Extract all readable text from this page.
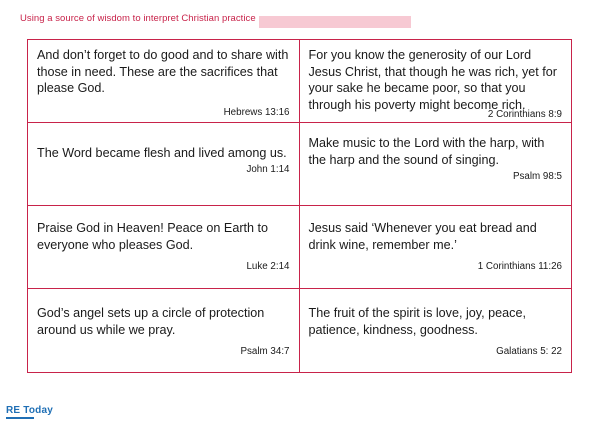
Using a source of wisdom to interpret Christian practice
And don’t forget to do good and to share with those in need. These are the sacrifices that please God.
Hebrews 13:16
For you know the generosity of our Lord Jesus Christ, that though he was rich, yet for your sake he became poor, so that you through his poverty might become rich.
2 Corinthians 8:9
The Word became flesh and lived among us.
John 1:14
Make music to the Lord with the harp, with the harp and the sound of singing.
Psalm 98:5
Praise God in Heaven! Peace on Earth to everyone who pleases God.
Luke 2:14
Jesus said ‘Whenever you eat bread and drink wine, remember me.’
1 Corinthians 11:26
God’s angel sets up a circle of protection around us while we pray.
Psalm 34:7
The fruit of the spirit is love, joy, peace, patience, kindness, goodness.
Galatians 5: 22
RE Today
